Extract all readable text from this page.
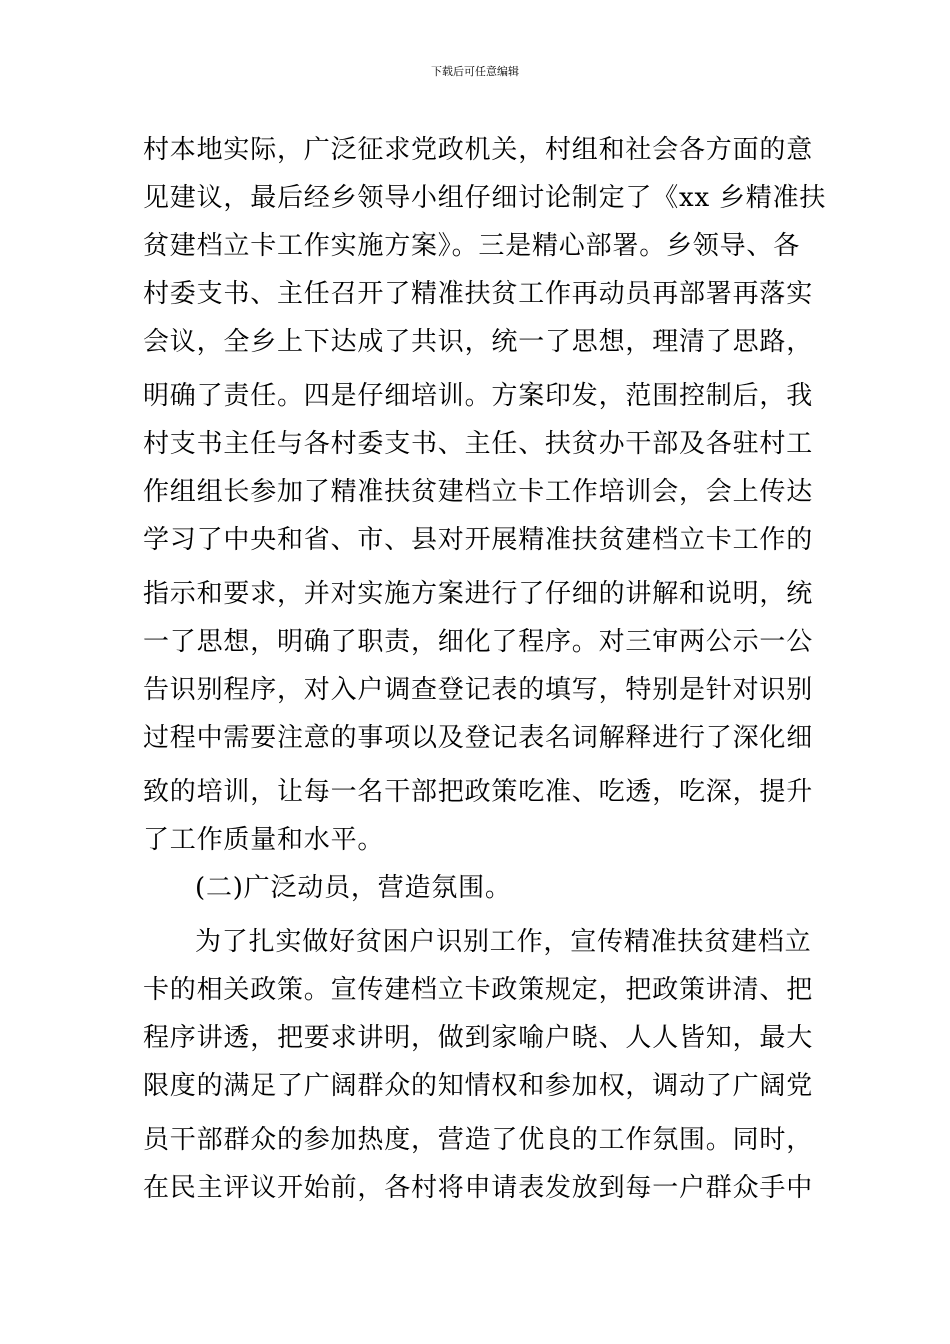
下载后可任意编辑
村本地实际，广泛征求党政机关，村组和社会各方面的意
见建议，最后经乡领导小组仔细讨论制定了《xx 乡精准扶
贫建档立卡工作实施方案》。三是精心部署。乡领导、各
村委支书、主任召开了精准扶贫工作再动员再部署再落实
会议，全乡上下达成了共识，统一了思想，理清了思路，
明确了责任。四是仔细培训。方案印发，范围控制后，我
村支书主任与各村委支书、主任、扶贫办干部及各驻村工
作组组长参加了精准扶贫建档立卡工作培训会，会上传达
学习了中央和省、市、县对开展精准扶贫建档立卡工作的
指示和要求，并对实施方案进行了仔细的讲解和说明，统
一了思想，明确了职责，细化了程序。对三审两公示一公
告识别程序，对入户调查登记表的填写，特别是针对识别
过程中需要注意的事项以及登记表名词解释进行了深化细
致的培训，让每一名干部把政策吃准、吃透，吃深，提升
了工作质量和水平。
(二)广泛动员，营造氛围。
为了扎实做好贫困户识别工作，宣传精准扶贫建档立
卡的相关政策。宣传建档立卡政策规定，把政策讲清、把
程序讲透，把要求讲明，做到家喻户晓、人人皆知，最大
限度的满足了广阔群众的知情权和参加权，调动了广阔党
员干部群众的参加热度，营造了优良的工作氛围。同时，
在民主评议开始前，各村将申请表发放到每一户群众手中
